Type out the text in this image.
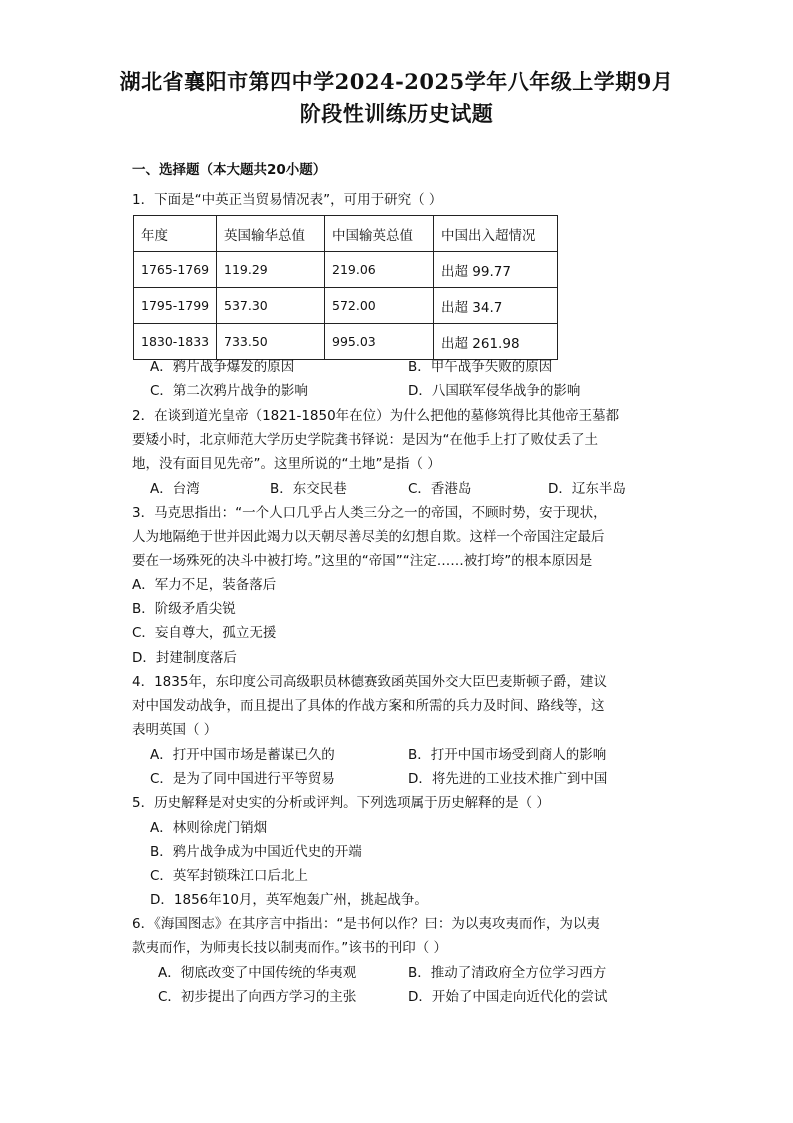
湖北省襄阳市第四中学2024-2025学年八年级上学期9月
阶段性训练历史试题
一、选择题（本大题共20小题）
1．下面是“中英正当贸易情况表”，可用于研究（ ）
年度	英国输华总值	中国输英总值	中国出入超情况
1765-1769	119.29	219.06	出超 99.77
1795-1799	537.30	572.00	出超 34.7
1830-1833	733.50	995.03	出超 261.98
A．鸦片战争爆发的原因	B．甲午战争失败的原因
C．第二次鸦片战争的影响	D．八国联军侵华战争的影响
2．在谈到道光皇帝（1821-1850年在位）为什么把他的墓修筑得比其他帝王墓都
要矮小时，北京师范大学历史学院龚书铎说：是因为“在他手上打了败仗丢了土
地，没有面目见先帝”。这里所说的“土地”是指（ ）
A．台湾	B．东交民巷	C．香港岛	D．辽东半岛
3．马克思指出：“一个人口几乎占人类三分之一的帝国，不顾时势，安于现状，
人为地隔绝于世并因此竭力以天朝尽善尽美的幻想自欺。这样一个帝国注定最后
要在一场殊死的决斗中被打垮。”这里的“帝国”“注定……被打垮”的根本原因是
A．军力不足，装备落后
B．阶级矛盾尖锐
C．妄自尊大，孤立无援
D．封建制度落后
4．1835年，东印度公司高级职员林德赛致函英国外交大臣巴麦斯顿子爵，建议
对中国发动战争，而且提出了具体的作战方案和所需的兵力及时间、路线等，这
表明英国（ ）
A．打开中国市场是蓄谋已久的	B．打开中国市场受到商人的影响
C．是为了同中国进行平等贸易	D．将先进的工业技术推广到中国
5．历史解释是对史实的分析或评判。下列选项属于历史解释的是（ ）
A．林则徐虎门销烟
B．鸦片战争成为中国近代史的开端
C．英军封锁珠江口后北上
D．1856年10月，英军炮轰广州，挑起战争。
6．《海国图志》在其序言中指出：“是书何以作？曰：为以夷攻夷而作，为以夷
款夷而作，为师夷长技以制夷而作。”该书的刊印（ ）
A．彻底改变了中国传统的华夷观	B．推动了清政府全方位学习西方
C．初步提出了向西方学习的主张	D．开始了中国走向近代化的尝试
